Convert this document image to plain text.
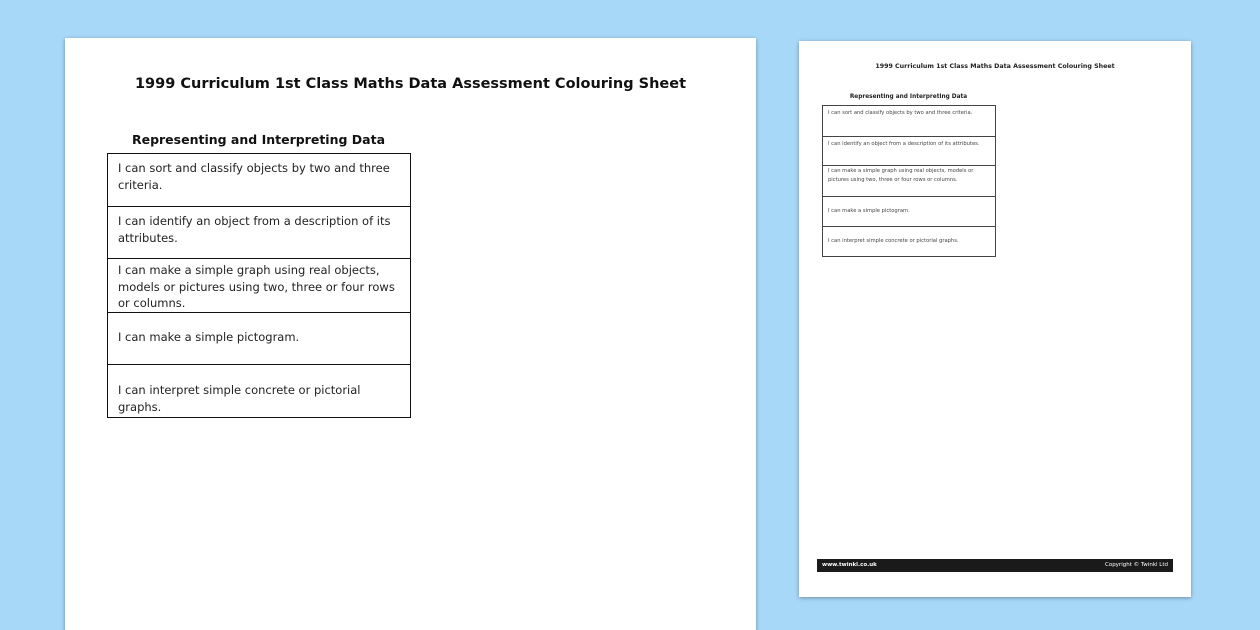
1999 Curriculum 1st Class Maths Data Assessment Colouring Sheet
Representing and Interpreting Data
I can sort and classify objects by two and three criteria.
I can identify an object from a description of its attributes.
I can make a simple graph using real objects, models or pictures using two, three or four rows or columns.
I can make a simple pictogram.
I can interpret simple concrete or pictorial graphs.
1999 Curriculum 1st Class Maths Data Assessment Colouring Sheet
Representing and Interpreting Data
I can sort and classify objects by two and three criteria.
I can identify an object from a description of its attributes.
I can make a simple graph using real objects, models or pictures using two, three or four rows or columns.
I can make a simple pictogram.
I can interpret simple concrete or pictorial graphs.
www.twinkl.co.uk	Copyright © Twinkl Ltd
